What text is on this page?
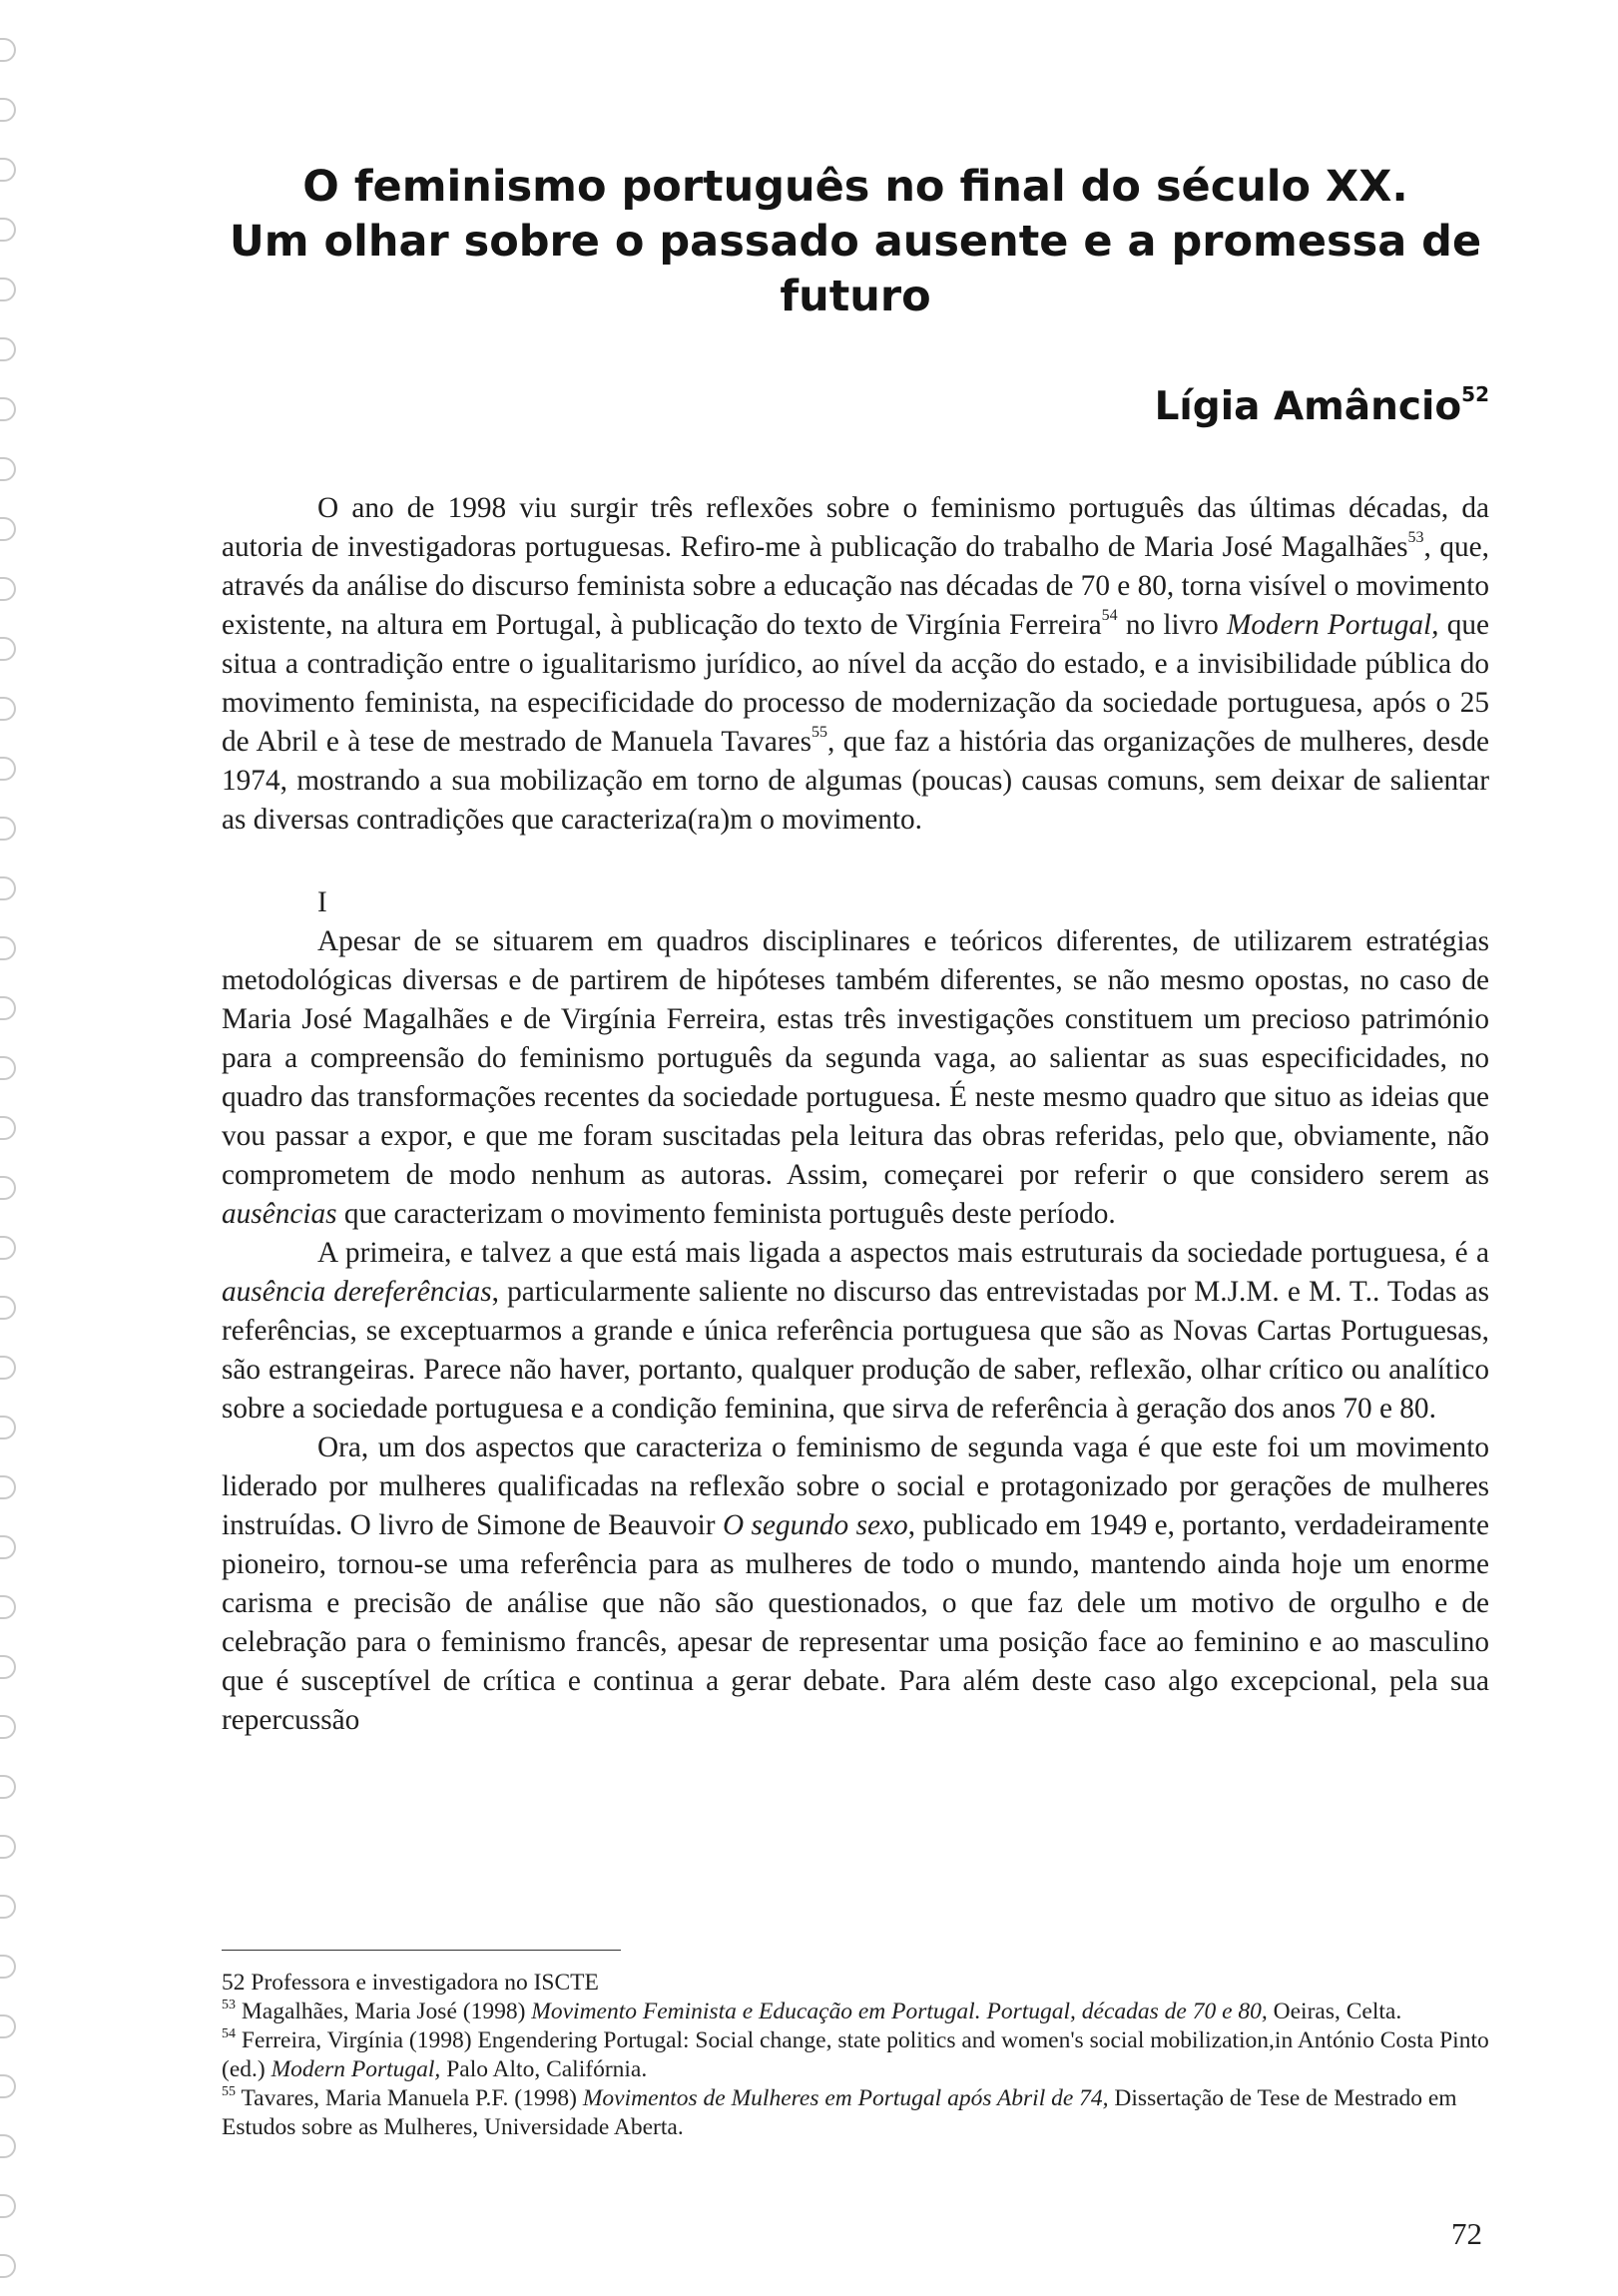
O feminismo português no final do século XX.
Um olhar sobre o passado ausente e a promessa de futuro

Lígia Amâncio$^{52}$

O ano de 1998 viu surgir três reflexões sobre o feminismo português das últimas décadas, da autoria de investigadoras portuguesas. Refiro-me à publicação do trabalho de Maria José Magalhães$^{53}$, que, através da análise do discurso feminista sobre a educação nas décadas de 70 e 80, torna visível o movimento existente, na altura em Portugal, à publicação do texto de Virgínia Ferreira$^{54}$ no livro Modern Portugal, que situa a contradição entre o igualitarismo jurídico, ao nível da acção do estado, e a invisibilidade pública do movimento feminista, na especificidade do processo de modernização da sociedade portuguesa, após o 25 de Abril e à tese de mestrado de Manuela Tavares$^{55}$, que faz a história das organizações de mulheres, desde 1974, mostrando a sua mobilização em torno de algumas (poucas) causas comuns, sem deixar de salientar as diversas contradições que caracteriza(ra)m o movimento.

I

Apesar de se situarem em quadros disciplinares e teóricos diferentes, de utilizarem estratégias metodológicas diversas e de partirem de hipóteses também diferentes, se não mesmo opostas, no caso de Maria José Magalhães e de Virgínia Ferreira, estas três investigações constituem um precioso património para a compreensão do feminismo português da segunda vaga, ao salientar as suas especificidades, no quadro das transformações recentes da sociedade portuguesa. É neste mesmo quadro que situo as ideias que vou passar a expor, e que me foram suscitadas pela leitura das obras referidas, pelo que, obviamente, não comprometem de modo nenhum as autoras. Assim, começarei por referir o que considero serem as ausências que caracterizam o movimento feminista português deste período.

A primeira, e talvez a que está mais ligada a aspectos mais estruturais da sociedade portuguesa, é a ausência dereferências, particularmente saliente no discurso das entrevistadas por M.J.M. e M. T.. Todas as referências, se exceptuarmos a grande e única referência portuguesa que são as Novas Cartas Portuguesas, são estrangeiras. Parece não haver, portanto, qualquer produção de saber, reflexão, olhar crítico ou analítico sobre a sociedade portuguesa e a condição feminina, que sirva de referência à geração dos anos 70 e 80.

Ora, um dos aspectos que caracteriza o feminismo de segunda vaga é que este foi um movimento liderado por mulheres qualificadas na reflexão sobre o social e protagonizado por gerações de mulheres instruídas. O livro de Simone de Beauvoir O segundo sexo, publicado em 1949 e, portanto, verdadeiramente pioneiro, tornou-se uma referência para as mulheres de todo o mundo, mantendo ainda hoje um enorme carisma e precisão de análise que não são questionados, o que faz dele um motivo de orgulho e de celebração para o feminismo francês, apesar de representar uma posição face ao feminino e ao masculino que é susceptível de crítica e continua a gerar debate. Para além deste caso algo excepcional, pela sua repercussão

52 Professora e investigadora no ISCTE

$^{53}$ Magalhães, Maria José (1998) Movimento Feminista e Educação em Portugal. Portugal, décadas de 70 e 80, Oeiras, Celta.

$^{54}$ Ferreira, Virgínia (1998) Engendering Portugal: Social change, state politics and women's social mobilization,in António Costa Pinto (ed.) Modern Portugal, Palo Alto, Califórnia.

$^{55}$ Tavares, Maria Manuela P.F. (1998) Movimentos de Mulheres em Portugal após Abril de 74, Dissertação de Tese de Mestrado em Estudos sobre as Mulheres, Universidade Aberta.

72
